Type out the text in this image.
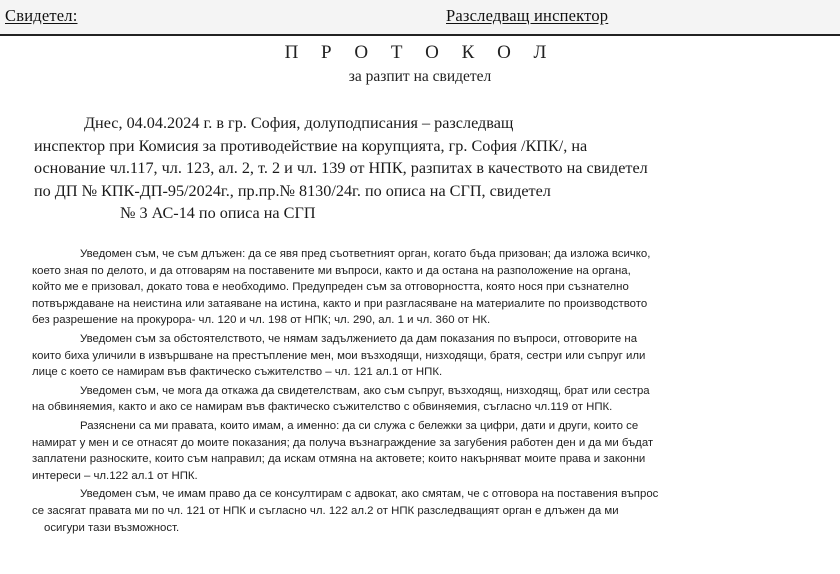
Свидетел:	Разследващ инспектор
П Р О Т О К О Л
за разпит на свидетел
Днес, 04.04.2024 г. в гр. София, долуподписания – разследващ
инспектор при Комисия за противодействие на корупцията, гр. София /КПК/, на
основание чл.117, чл. 123, ал. 2, т. 2 и чл. 139 от НПК, разпитах в качеството на свидетел
по ДП № КПК-ДП-95/2024г., пр.пр.№ 8130/24г. по описа на СГП, свидетел
№ 3 АС-14 по описа на СГП
Уведомен съм, че съм длъжен: да се явя пред съответният орган, когато бъда призован; да изложа всичко,
което зная по делото, и да отговарям на поставените ми въпроси, както и да остана на разположение на органа,
който ме е призовал, докато това е необходимо. Предупреден съм за отговорността, която нося при съзнателно
потвърждаване на неистина или затаяване на истина, както и при разгласяване на материалите по производството
без разрешение на прокурора- чл. 120 и чл. 198 от НПК; чл. 290, ал. 1 и чл. 360 от НК.
Уведомен съм за обстоятелството, че нямам задължението да дам показания по въпроси, отговорите на
които биха уличили в извършване на престъпление мен, мои възходящи, низходящи, братя, сестри или съпруг или
лице с което се намирам във фактическо съжителство – чл. 121 ал.1 от НПК.
Уведомен съм, че мога да откажа да свидетелствам, ако съм съпруг, възходящ, низходящ, брат или сестра
на обвиняемия, както и ако се намирам във фактическо съжителство с обвиняемия, съгласно чл.119 от НПК.
Разяснени са ми правата, които имам, а именно: да си служа с бележки за цифри, дати и други, които се
намират у мен и се отнасят до моите показания; да получа възнаграждение за загубения работен ден и да ми бъдат
заплатени разноските, които съм направил; да искам отмяна на актовете; които накърняват моите права и законни
интереси – чл.122 ал.1 от НПК.
Уведомен съм, че имам право да се консултирам с адвокат, ако смятам, че с отговора на поставения въпрос
се засягат правата ми по чл. 121 от НПК и съгласно чл. 122 ал.2 от НПК разследващият орган е длъжен да ми
осигури тази възможност.
